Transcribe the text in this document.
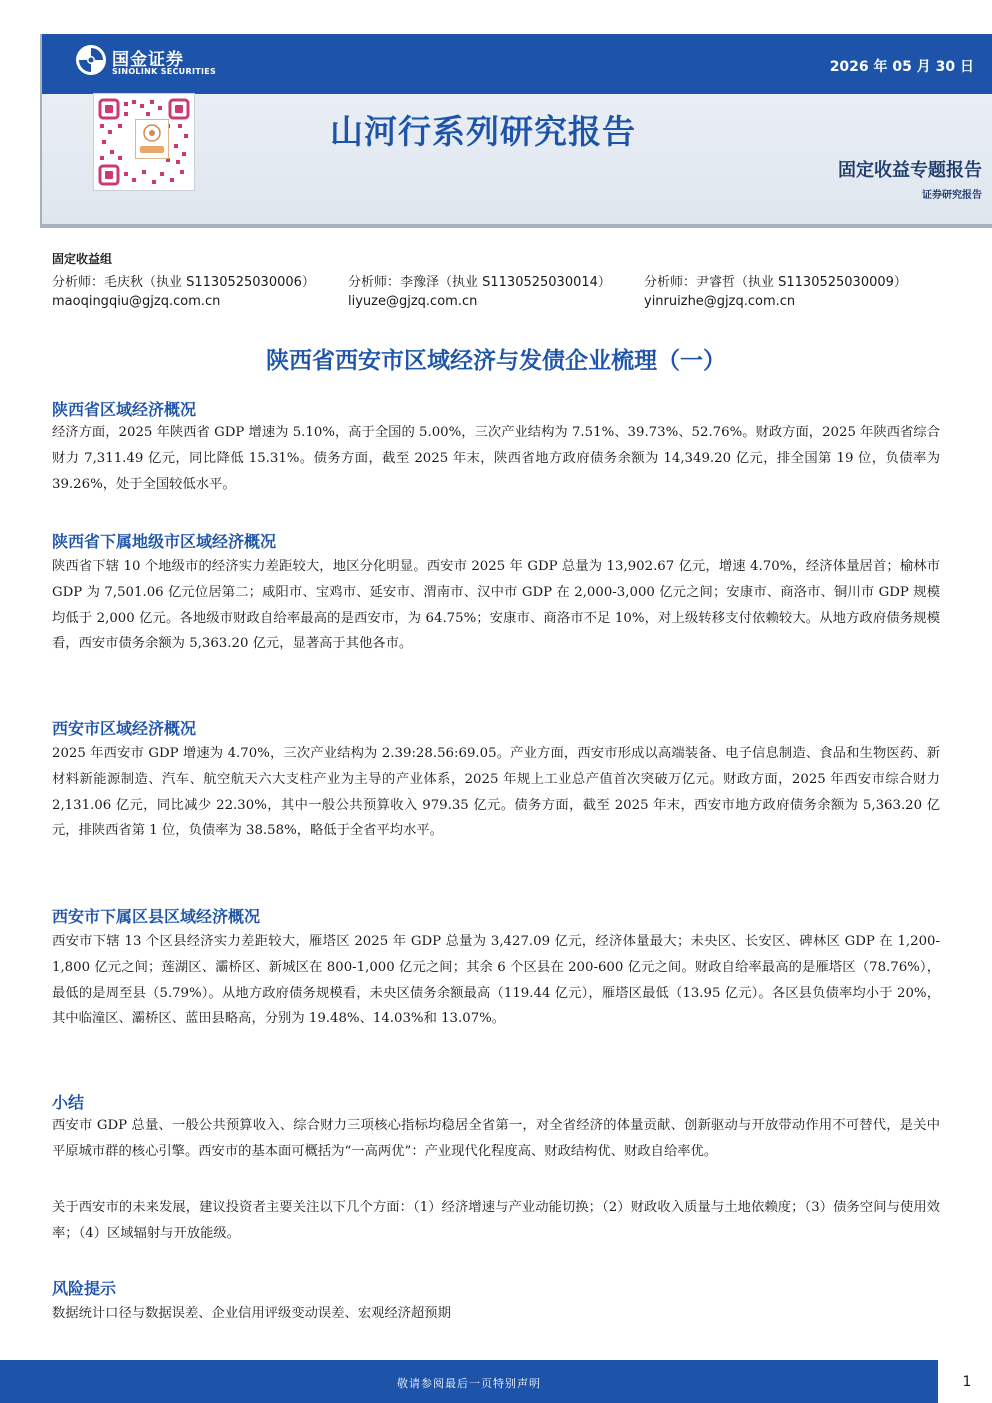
国金证券
SINOLINK SECURITIES	2026 年 05 月 30 日
山河行系列研究报告
固定收益专题报告
证券研究报告
固定收益组
分析师：毛庆秋（执业 S1130525030006）
maoqingqiu@gjzq.com.cn
分析师：李豫泽（执业 S1130525030014）
liyuze@gjzq.com.cn
分析师：尹睿哲（执业 S1130525030009）
yinruizhe@gjzq.com.cn
陕西省西安市区域经济与发债企业梳理（一）
陕西省区域经济概况
经济方面，2025 年陕西省 GDP 增速为 5.10%，高于全国的 5.00%，三次产业结构为 7.51%、39.73%、52.76%。财政方面，2025 年陕西省综合财力 7,311.49 亿元，同比降低 15.31%。债务方面，截至 2025 年末，陕西省地方政府债务余额为 14,349.20 亿元，排全国第 19 位，负债率为 39.26%，处于全国较低水平。
陕西省下属地级市区域经济概况
陕西省下辖 10 个地级市的经济实力差距较大，地区分化明显。西安市 2025 年 GDP 总量为 13,902.67 亿元，增速 4.70%，经济体量居首；榆林市 GDP 为 7,501.06 亿元位居第二；咸阳市、宝鸡市、延安市、渭南市、汉中市 GDP 在 2,000-3,000 亿元之间；安康市、商洛市、铜川市 GDP 规模均低于 2,000 亿元。各地级市财政自给率最高的是西安市，为 64.75%；安康市、商洛市不足 10%，对上级转移支付依赖较大。从地方政府债务规模看，西安市债务余额为 5,363.20 亿元，显著高于其他各市。
西安市区域经济概况
2025 年西安市 GDP 增速为 4.70%，三次产业结构为 2.39:28.56:69.05。产业方面，西安市形成以高端装备、电子信息制造、食品和生物医药、新材料新能源制造、汽车、航空航天六大支柱产业为主导的产业体系，2025 年规上工业总产值首次突破万亿元。财政方面，2025 年西安市综合财力 2,131.06 亿元，同比减少 22.30%，其中一般公共预算收入 979.35 亿元。债务方面，截至 2025 年末，西安市地方政府债务余额为 5,363.20 亿元，排陕西省第 1 位，负债率为 38.58%，略低于全省平均水平。
西安市下属区县区域经济概况
西安市下辖 13 个区县经济实力差距较大，雁塔区 2025 年 GDP 总量为 3,427.09 亿元，经济体量最大；未央区、长安区、碑林区 GDP 在 1,200-1,800 亿元之间；莲湖区、灞桥区、新城区在 800-1,000 亿元之间；其余 6 个区县在 200-600 亿元之间。财政自给率最高的是雁塔区（78.76%），最低的是周至县（5.79%）。从地方政府债务规模看，未央区债务余额最高（119.44 亿元），雁塔区最低（13.95 亿元）。各区县负债率均小于 20%，其中临潼区、灞桥区、蓝田县略高，分别为 19.48%、14.03%和 13.07%。
小结
西安市 GDP 总量、一般公共预算收入、综合财力三项核心指标均稳居全省第一，对全省经济的体量贡献、创新驱动与开放带动作用不可替代，是关中平原城市群的核心引擎。西安市的基本面可概括为“一高两优”：产业现代化程度高、财政结构优、财政自给率优。
关于西安市的未来发展，建议投资者主要关注以下几个方面：（1）经济增速与产业动能切换；（2）财政收入质量与土地依赖度；（3）债务空间与使用效率；（4）区域辐射与开放能级。
风险提示
数据统计口径与数据误差、企业信用评级变动误差、宏观经济超预期
敬请参阅最后一页特别声明	1
